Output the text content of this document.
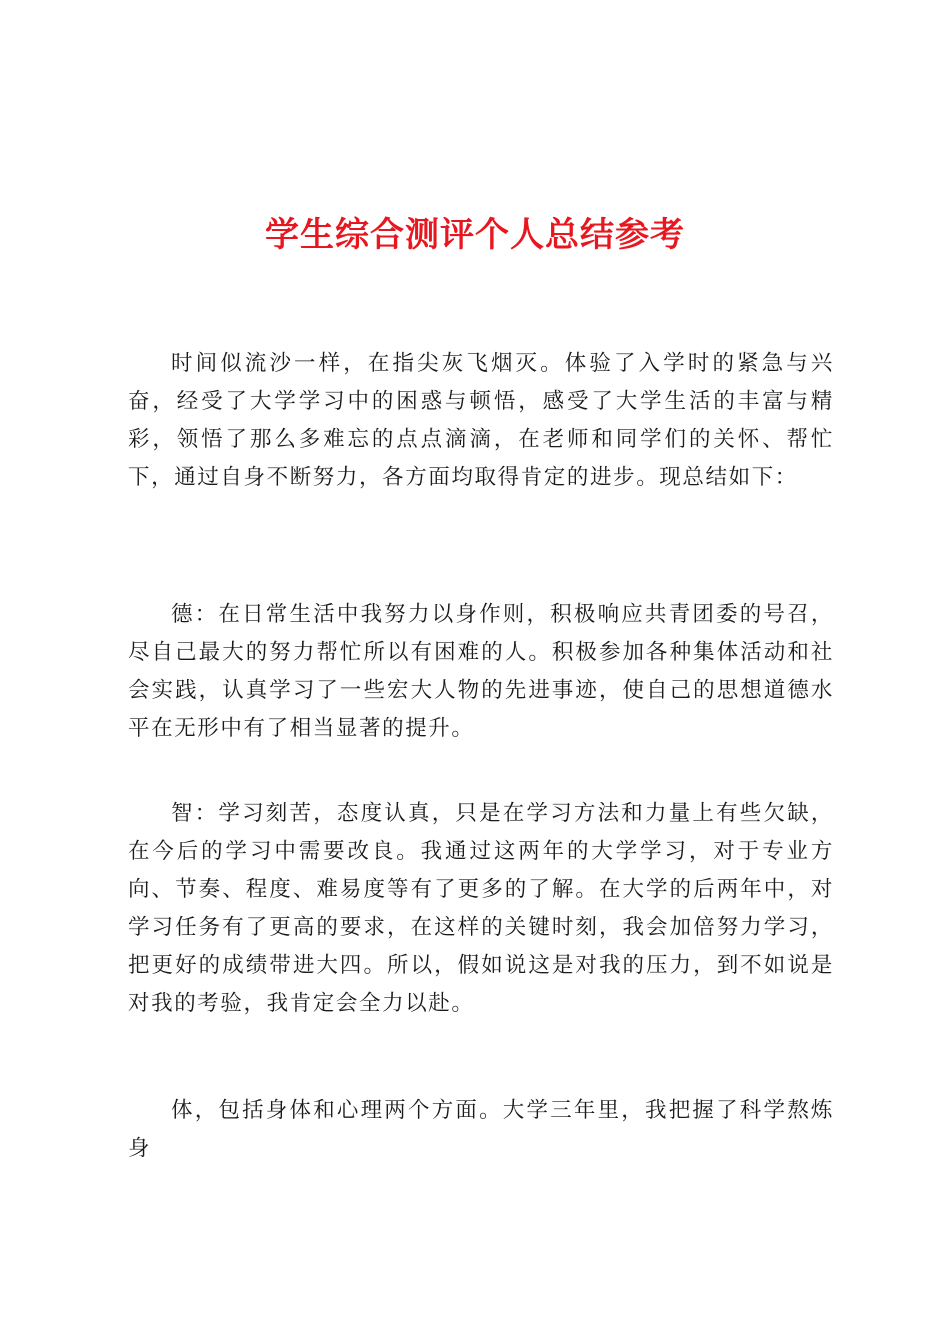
学生综合测评个人总结参考

时间似流沙一样，在指尖灰飞烟灭。体验了入学时的紧急与兴奋，经受了大学学习中的困惑与顿悟，感受了大学生活的丰富与精彩，领悟了那么多难忘的点点滴滴，在老师和同学们的关怀、帮忙下，通过自身不断努力，各方面均取得肯定的进步。现总结如下：

德：在日常生活中我努力以身作则，积极响应共青团委的号召，尽自己最大的努力帮忙所以有困难的人。积极参加各种集体活动和社会实践，认真学习了一些宏大人物的先进事迹，使自己的思想道德水平在无形中有了相当显著的提升。

智：学习刻苦，态度认真，只是在学习方法和力量上有些欠缺，在今后的学习中需要改良。我通过这两年的大学学习，对于专业方向、节奏、程度、难易度等有了更多的了解。在大学的后两年中，对学习任务有了更高的要求，在这样的关键时刻，我会加倍努力学习，把更好的成绩带进大四。所以，假如说这是对我的压力，到不如说是对我的考验，我肯定会全力以赴。

体，包括身体和心理两个方面。大学三年里，我把握了科学熬炼身
